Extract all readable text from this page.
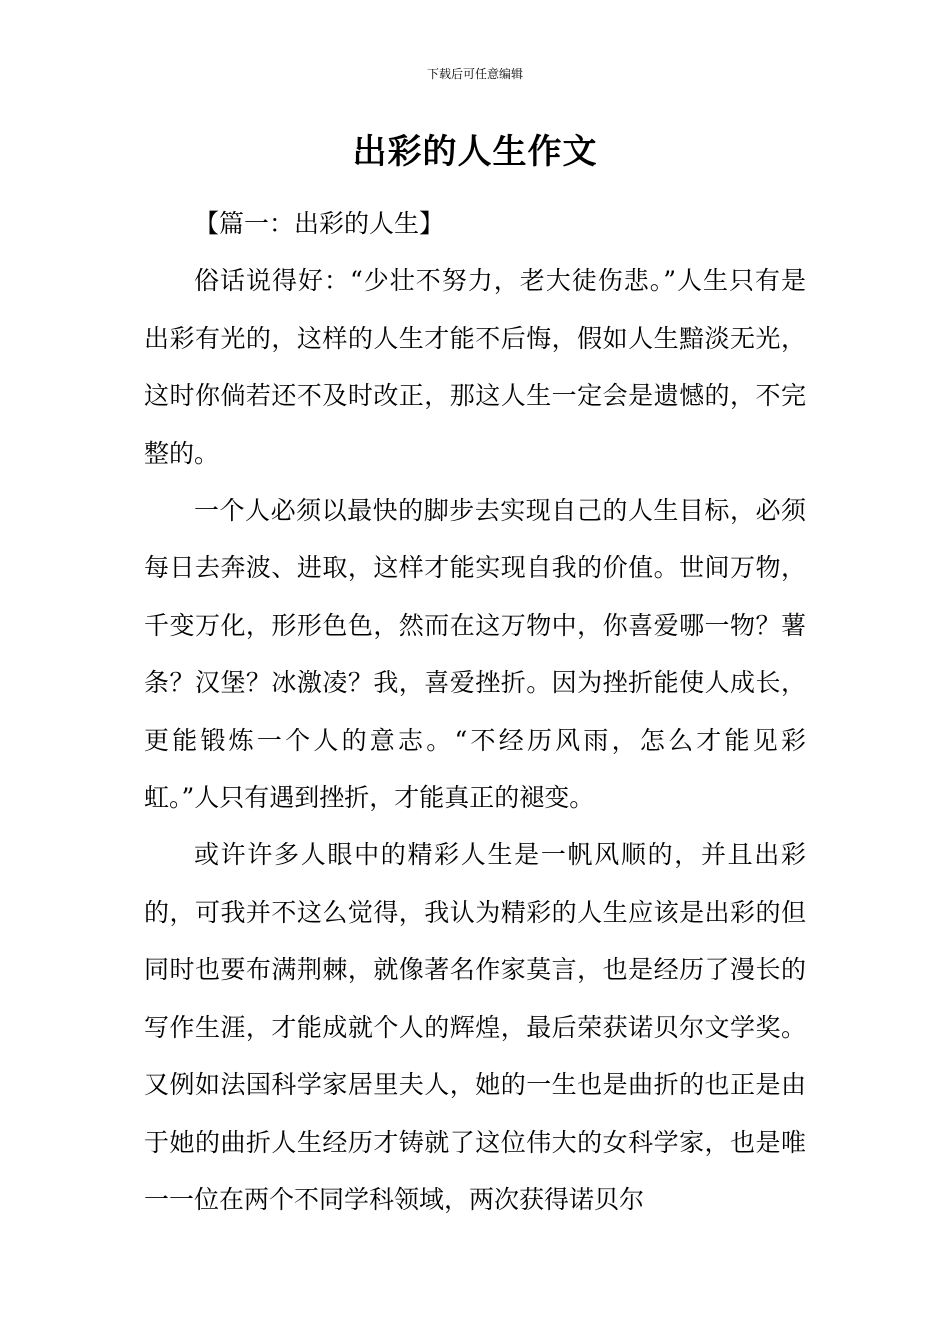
下载后可任意编辑
出彩的人生作文

【篇一：出彩的人生】

俗话说得好：“少壮不努力，老大徒伤悲。”人生只有是出彩有光的，这样的人生才能不后悔，假如人生黯淡无光，这时你倘若还不及时改正，那这人生一定会是遗憾的，不完整的。

一个人必须以最快的脚步去实现自己的人生目标，必须每日去奔波、进取，这样才能实现自我的价值。世间万物，千变万化，形形色色，然而在这万物中，你喜爱哪一物？薯条？汉堡？冰激凌？我，喜爱挫折。因为挫折能使人成长，更能锻炼一个人的意志。“不经历风雨，怎么才能见彩虹。”人只有遇到挫折，才能真正的褪变。

或许许多人眼中的精彩人生是一帆风顺的，并且出彩的，可我并不这么觉得，我认为精彩的人生应该是出彩的但同时也要布满荆棘，就像著名作家莫言，也是经历了漫长的写作生涯，才能成就个人的辉煌，最后荣获诺贝尔文学奖。又例如法国科学家居里夫人，她的一生也是曲折的也正是由于她的曲折人生经历才铸就了这位伟大的女科学家，也是唯一一位在两个不同学科领域，两次获得诺贝尔
